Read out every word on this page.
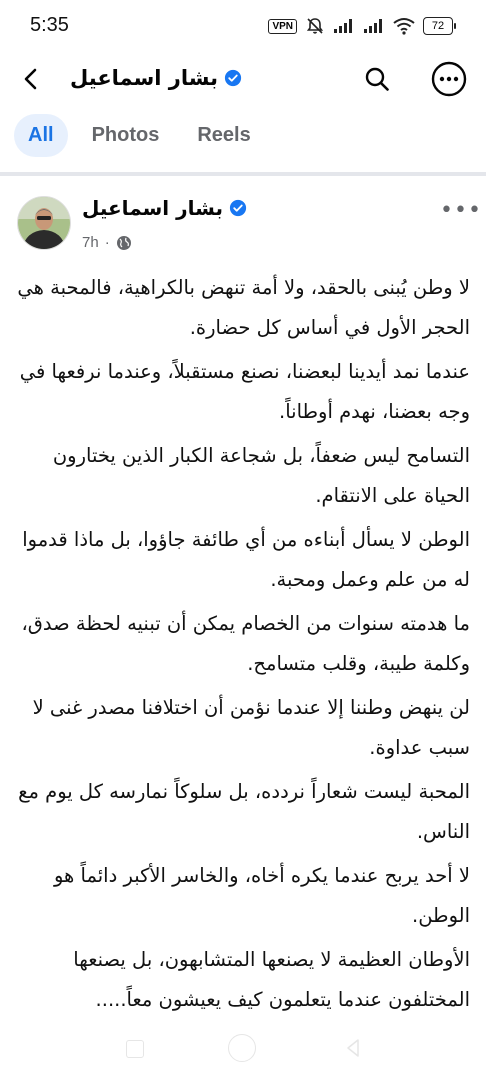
5:35	VPN	72
بشار اسماعيل
All	Photos	Reels
بشار اسماعيل
7h ·
•••

لا وطن يُبنى بالحقد، ولا أمة تنهض بالكراهية، فالمحبة هي الحجر الأول في أساس كل حضارة.

عندما نمد أيدينا لبعضنا، نصنع مستقبلاً، وعندما نرفعها في وجه بعضنا، نهدم أوطاناً.

التسامح ليس ضعفاً، بل شجاعة الكبار الذين يختارون الحياة على الانتقام.

الوطن لا يسأل أبناءه من أي طائفة جاؤوا، بل ماذا قدموا له من علم وعمل ومحبة.

ما هدمته سنوات من الخصام يمكن أن تبنيه لحظة صدق، وكلمة طيبة، وقلب متسامح.

لن ينهض وطننا إلا عندما نؤمن أن اختلافنا مصدر غنى لا سبب عداوة.

المحبة ليست شعاراً نردده، بل سلوكاً نمارسه كل يوم مع الناس.

لا أحد يربح عندما يكره أخاه، والخاسر الأكبر دائماً هو الوطن.

الأوطان العظيمة لا يصنعها المتشابهون، بل يصنعها المختلفون عندما يتعلمون كيف يعيشون معاً.....
